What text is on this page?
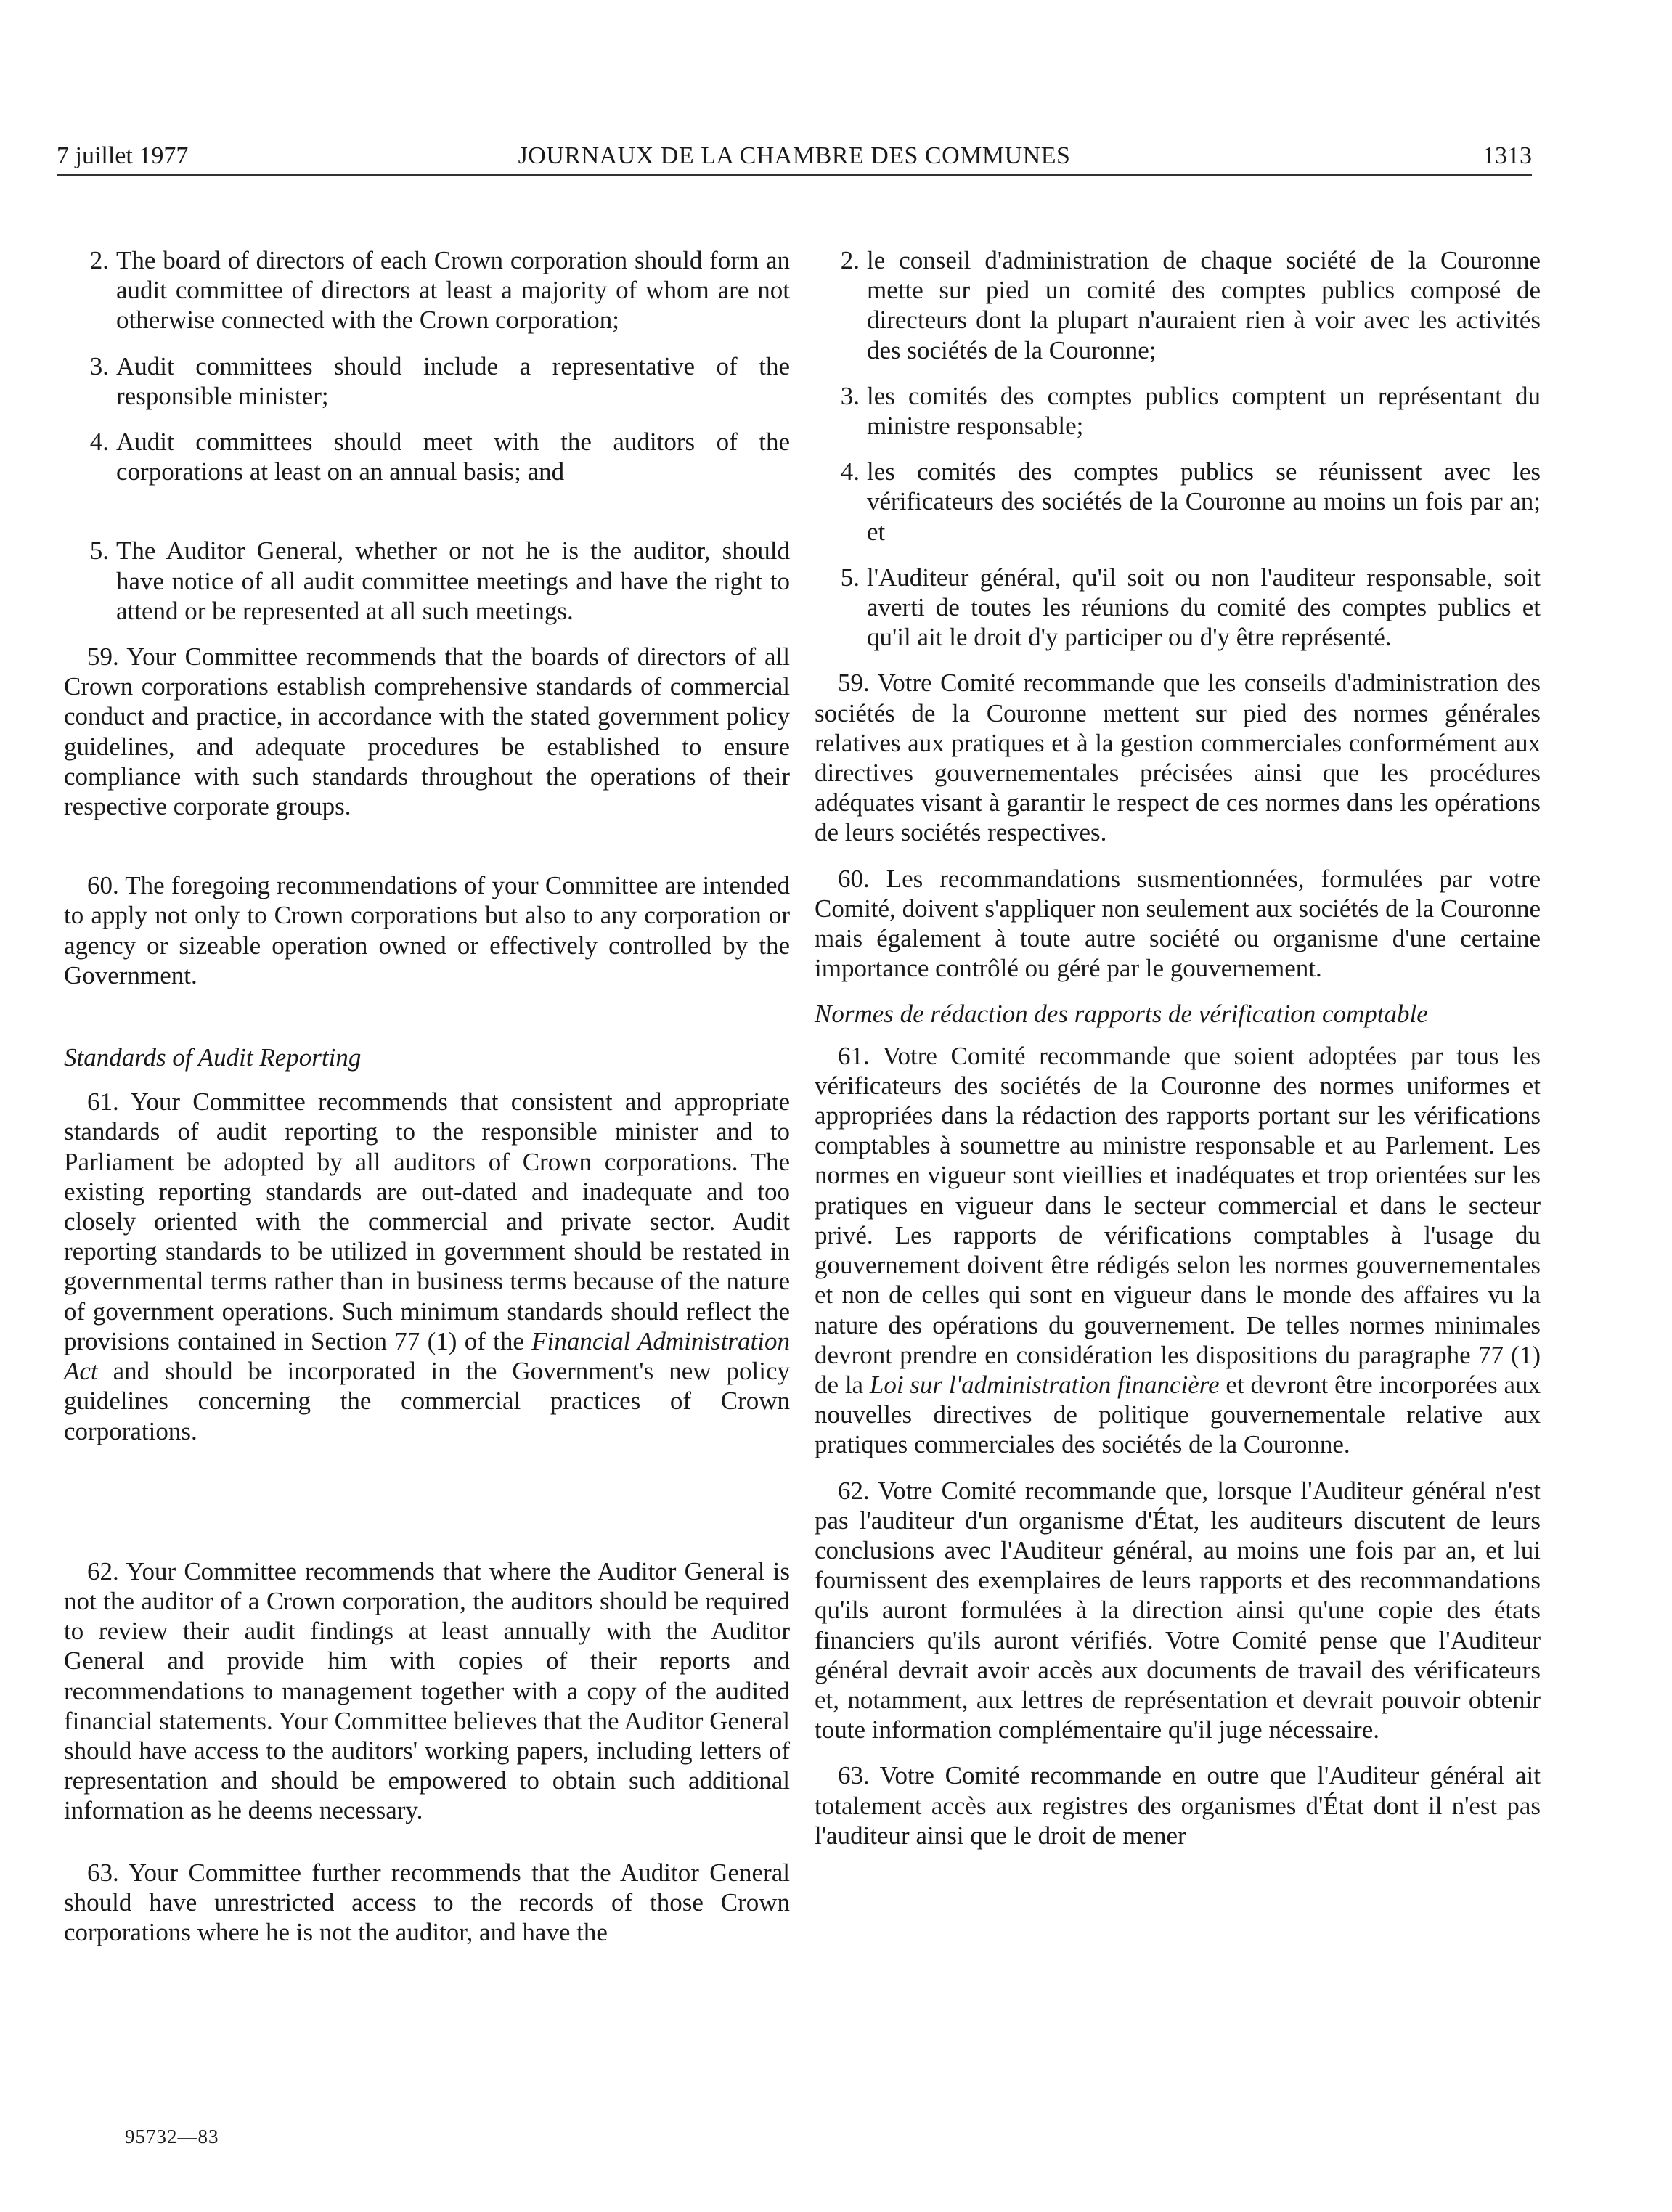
7 juillet 1977	JOURNAUX DE LA CHAMBRE DES COMMUNES	1313
2. The board of directors of each Crown corporation should form an audit committee of directors at least a majority of whom are not otherwise connected with the Crown corporation;
3. Audit committees should include a representative of the responsible minister;
4. Audit committees should meet with the auditors of the corporations at least on an annual basis; and
5. The Auditor General, whether or not he is the auditor, should have notice of all audit committee meetings and have the right to attend or be represented at all such meetings.

59. Your Committee recommends that the boards of directors of all Crown corporations establish comprehensive standards of commercial conduct and practice, in accordance with the stated government policy guidelines, and adequate procedures be established to ensure compliance with such standards throughout the operations of their respective corporate groups.

60. The foregoing recommendations of your Committee are intended to apply not only to Crown corporations but also to any corporation or agency or sizeable operation owned or effectively controlled by the Government.

Standards of Audit Reporting

61. Your Committee recommends that consistent and appropriate standards of audit reporting to the responsible minister and to Parliament be adopted by all auditors of Crown corporations. The existing reporting standards are out-dated and inadequate and too closely oriented with the commercial and private sector. Audit reporting standards to be utilized in government should be restated in governmental terms rather than in business terms because of the nature of government operations. Such minimum standards should reflect the provisions contained in Section 77 (1) of the Financial Administration Act and should be incorporated in the Government's new policy guidelines concerning the commercial practices of Crown corporations.

62. Your Committee recommends that where the Auditor General is not the auditor of a Crown corporation, the auditors should be required to review their audit findings at least annually with the Auditor General and provide him with copies of their reports and recommendations to management together with a copy of the audited financial statements. Your Committee believes that the Auditor General should have access to the auditors' working papers, including letters of representation and should be empowered to obtain such additional information as he deems necessary.

63. Your Committee further recommends that the Auditor General should have unrestricted access to the records of those Crown corporations where he is not the auditor, and have the

2. le conseil d'administration de chaque société de la Couronne mette sur pied un comité des comptes publics composé de directeurs dont la plupart n'auraient rien à voir avec les activités des sociétés de la Couronne;
3. les comités des comptes publics comptent un représentant du ministre responsable;
4. les comités des comptes publics se réunissent avec les vérificateurs des sociétés de la Couronne au moins un fois par an; et
5. l'Auditeur général, qu'il soit ou non l'auditeur responsable, soit averti de toutes les réunions du comité des comptes publics et qu'il ait le droit d'y participer ou d'y être représenté.

59. Votre Comité recommande que les conseils d'administration des sociétés de la Couronne mettent sur pied des normes générales relatives aux pratiques et à la gestion commerciales conformément aux directives gouvernementales précisées ainsi que les procédures adéquates visant à garantir le respect de ces normes dans les opérations de leurs sociétés respectives.

60. Les recommandations susmentionnées, formulées par votre Comité, doivent s'appliquer non seulement aux sociétés de la Couronne mais également à toute autre société ou organisme d'une certaine importance contrôlé ou géré par le gouvernement.

Normes de rédaction des rapports de vérification comptable

61. Votre Comité recommande que soient adoptées par tous les vérificateurs des sociétés de la Couronne des normes uniformes et appropriées dans la rédaction des rapports portant sur les vérifications comptables à soumettre au ministre responsable et au Parlement. Les normes en vigueur sont vieillies et inadéquates et trop orientées sur les pratiques en vigueur dans le secteur commercial et dans le secteur privé. Les rapports de vérifications comptables à l'usage du gouvernement doivent être rédigés selon les normes gouvernementales et non de celles qui sont en vigueur dans le monde des affaires vu la nature des opérations du gouvernement. De telles normes minimales devront prendre en considération les dispositions du paragraphe 77 (1) de la Loi sur l'administration financière et devront être incorporées aux nouvelles directives de politique gouvernementale relative aux pratiques commerciales des sociétés de la Couronne.

62. Votre Comité recommande que, lorsque l'Auditeur général n'est pas l'auditeur d'un organisme d'État, les auditeurs discutent de leurs conclusions avec l'Auditeur général, au moins une fois par an, et lui fournissent des exemplaires de leurs rapports et des recommandations qu'ils auront formulées à la direction ainsi qu'une copie des états financiers qu'ils auront vérifiés. Votre Comité pense que l'Auditeur général devrait avoir accès aux documents de travail des vérificateurs et, notamment, aux lettres de représentation et devrait pouvoir obtenir toute information complémentaire qu'il juge nécessaire.

63. Votre Comité recommande en outre que l'Auditeur général ait totalement accès aux registres des organismes d'État dont il n'est pas l'auditeur ainsi que le droit de mener

95732—83
